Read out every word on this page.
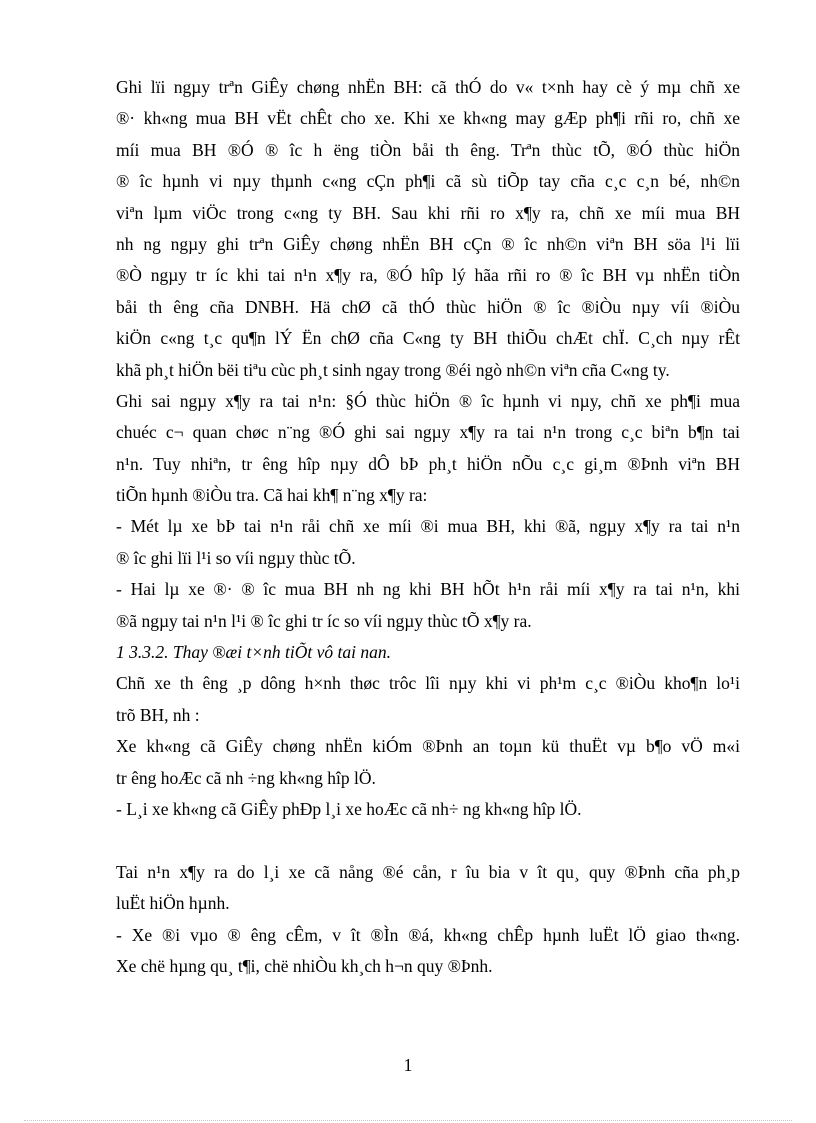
Ghi lïi ngµy trªn GiÊy chøng nhËn BH: cã thÓ do v« t×nh hay cè ý mµ chñ xe
®· kh«ng mua BH vËt chÊt cho xe. Khi xe kh«ng may gÆp ph¶i rñi ro, chñ xe
míi mua BH ®Ó ® îc h ëng tiÒn båi th êng. Trªn thùc tÕ, ®Ó thùc hiÖn
® îc hµnh vi nµy thµnh c«ng cÇn ph¶i cã sù tiÕp tay cña c¸c c¸n bé, nh©n
viªn lµm viÖc trong c«ng ty BH. Sau khi rñi ro x¶y ra, chñ xe míi mua BH
nh ng ngµy ghi trªn GiÊy chøng nhËn BH cÇn ® îc nh©n viªn BH söa l¹i lïi
®Ò ngµy tr íc khi tai n¹n x¶y ra, ®Ó hîp lý hãa rñi ro ® îc BH vµ nhËn tiÒn
båi th êng cña DNBH. Hä chØ cã thÓ thùc hiÖn ® îc ®iÒu nµy víi ®iÒu
kiÖn c«ng t¸c qu¶n lÝ Ën chØ cña C«ng ty BH thiÕu chÆt chÏ. C¸ch nµy rÊt
khã ph¸t hiÖn bëi tiªu cùc ph¸t sinh ngay trong ®éi ngò nh©n viªn cña C«ng ty.
Ghi sai ngµy x¶y ra tai n¹n: §Ó thùc hiÖn ® îc hµnh vi nµy, chñ xe ph¶i mua
chuéc c¬ quan chøc n¨ng ®Ó ghi sai ngµy x¶y ra tai n¹n trong c¸c biªn b¶n tai
n¹n. Tuy nhiªn, tr êng hîp nµy dÔ bÞ ph¸t hiÖn nÕu c¸c gi¸m ®Þnh viªn BH
tiÕn hµnh ®iÒu tra. Cã hai kh¶ n¨ng x¶y ra:
- Mét lµ xe bÞ tai n¹n råi chñ xe míi ®i mua BH, khi ®ã, ngµy x¶y ra tai n¹n
® îc ghi lïi l¹i so víi ngµy thùc tÕ.
- Hai lµ xe ®· ® îc mua BH nh ng khi BH hÕt h¹n råi míi x¶y ra tai n¹n, khi
®ã ngµy tai n¹n l¹i ® îc ghi tr íc so víi ngµy thùc tÕ x¶y ra.
1 3.3.2. Thay ®æi t×nh tiÕt vô tai nan.
Chñ xe th êng ¸p dông h×nh thøc trôc lîi nµy khi vi ph¹m c¸c ®iÒu kho¶n lo¹i
trõ BH, nh :
Xe kh«ng cã GiÊy chøng nhËn kiÓm ®Þnh an toµn kü thuËt vµ b¶o vÖ m«i
tr êng hoÆc cã nh ÷ng kh«ng hîp lÖ.
- L¸i xe kh«ng cã GiÊy phÐp l¸i xe hoÆc cã nh÷ ng kh«ng hîp lÖ.
Tai n¹n x¶y ra do l¸i xe cã nång ®é cån, r îu bia v ît qu¸ quy ®Þnh cña ph¸p
luËt hiÖn hµnh.
- Xe ®i vµo ® êng cÊm, v ît ®Ìn ®á, kh«ng chÊp hµnh luËt lÖ giao th«ng.
Xe chë hµng qu¸ t¶i, chë nhiÒu kh¸ch h¬n quy ®Þnh.
1
